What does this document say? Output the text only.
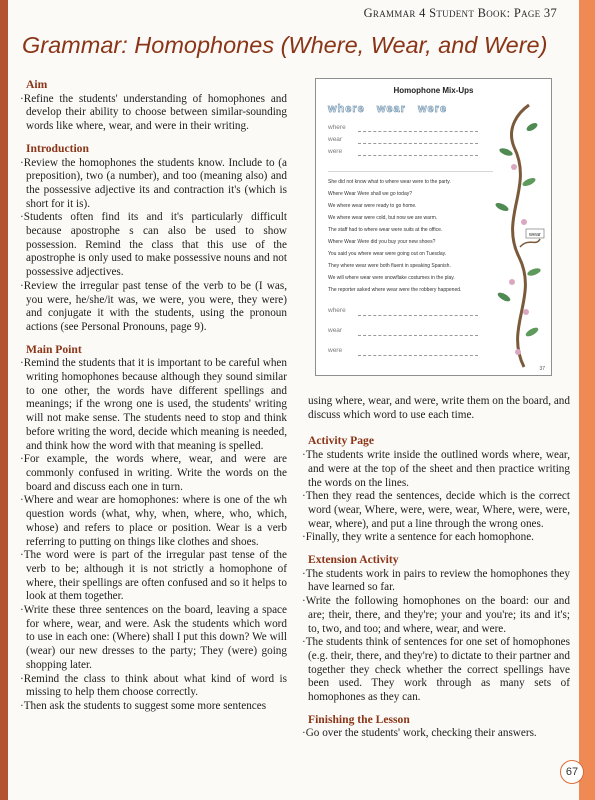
Grammar 4 Student Book: Page 37
Grammar: Homophones (Where, Wear, and Were)
Aim

·Refine the students' understanding of homophones and develop their ability to choose between similar-sounding words like where, wear, and were in their writing.

Introduction

·Review the homophones the students know. Include to (a preposition), two (a number), and too (meaning also) and the possessive adjective its and contraction it's (which is short for it is).

·Students often find its and it's particularly difficult because apostrophe s can also be used to show possession. Remind the class that this use of the apostrophe is only used to make possessive nouns and not possessive adjectives.

·Review the irregular past tense of the verb to be (I was, you were, he/she/it was, we were, you were, they were) and conjugate it with the students, using the pronoun actions (see Personal Pronouns, page 9).

Main Point

·Remind the students that it is important to be careful when writing homophones because although they sound similar to one other, the words have different spellings and meanings; if the wrong one is used, the students' writing will not make sense. The students need to stop and think before writing the word, decide which meaning is needed, and think how the word with that meaning is spelled.

·For example, the words where, wear, and were are commonly confused in writing. Write the words on the board and discuss each one in turn.

·Where and wear are homophones: where is one of the wh question words (what, why, when, where, who, which, whose) and refers to place or position. Wear is a verb referring to putting on things like clothes and shoes.

·The word were is part of the irregular past tense of the verb to be; although it is not strictly a homophone of where, their spellings are often confused and so it helps to look at them together.

·Write these three sentences on the board, leaving a space for where, wear, and were. Ask the students which word to use in each one: (Where) shall I put this down? We will (wear) our new dresses to the party; They (were) going shopping later.

·Remind the class to think about what kind of word is missing to help them choose correctly.

·Then ask the students to suggest some more sentences

Homophone Mix-Ups
where wear were
where
wear
were
She did not know what to where wear were to the party.
Where Wear Were shall we go today?
We where wear were ready to go home.
We where wear were cold, but now we are warm.
The staff had to where wear were suits at the office.
Where Wear Were did you buy your new shoes?
You said you where wear were going out on Tuesday.
They where wear were both fluent in speaking Spanish.
We will where wear were snowflake costumes in the play.
The reporter asked where wear were the robbery happened.
where
wear
were
wear
37

using where, wear, and were, write them on the board, and discuss which word to use each time.

Activity Page

·The students write inside the outlined words where, wear, and were at the top of the sheet and then practice writing the words on the lines.

·Then they read the sentences, decide which is the correct word (wear, Where, were, were, wear, Where, were, were, wear, where), and put a line through the wrong ones.

·Finally, they write a sentence for each homophone.

Extension Activity

·The students work in pairs to review the homophones they have learned so far.

·Write the following homophones on the board: our and are; their, there, and they're; your and you're; its and it's; to, two, and too; and where, wear, and were.

·The students think of sentences for one set of homophones (e.g. their, there, and they're) to dictate to their partner and together they check whether the correct spellings have been used. They work through as many sets of homophones as they can.

Finishing the Lesson

·Go over the students' work, checking their answers.

67
